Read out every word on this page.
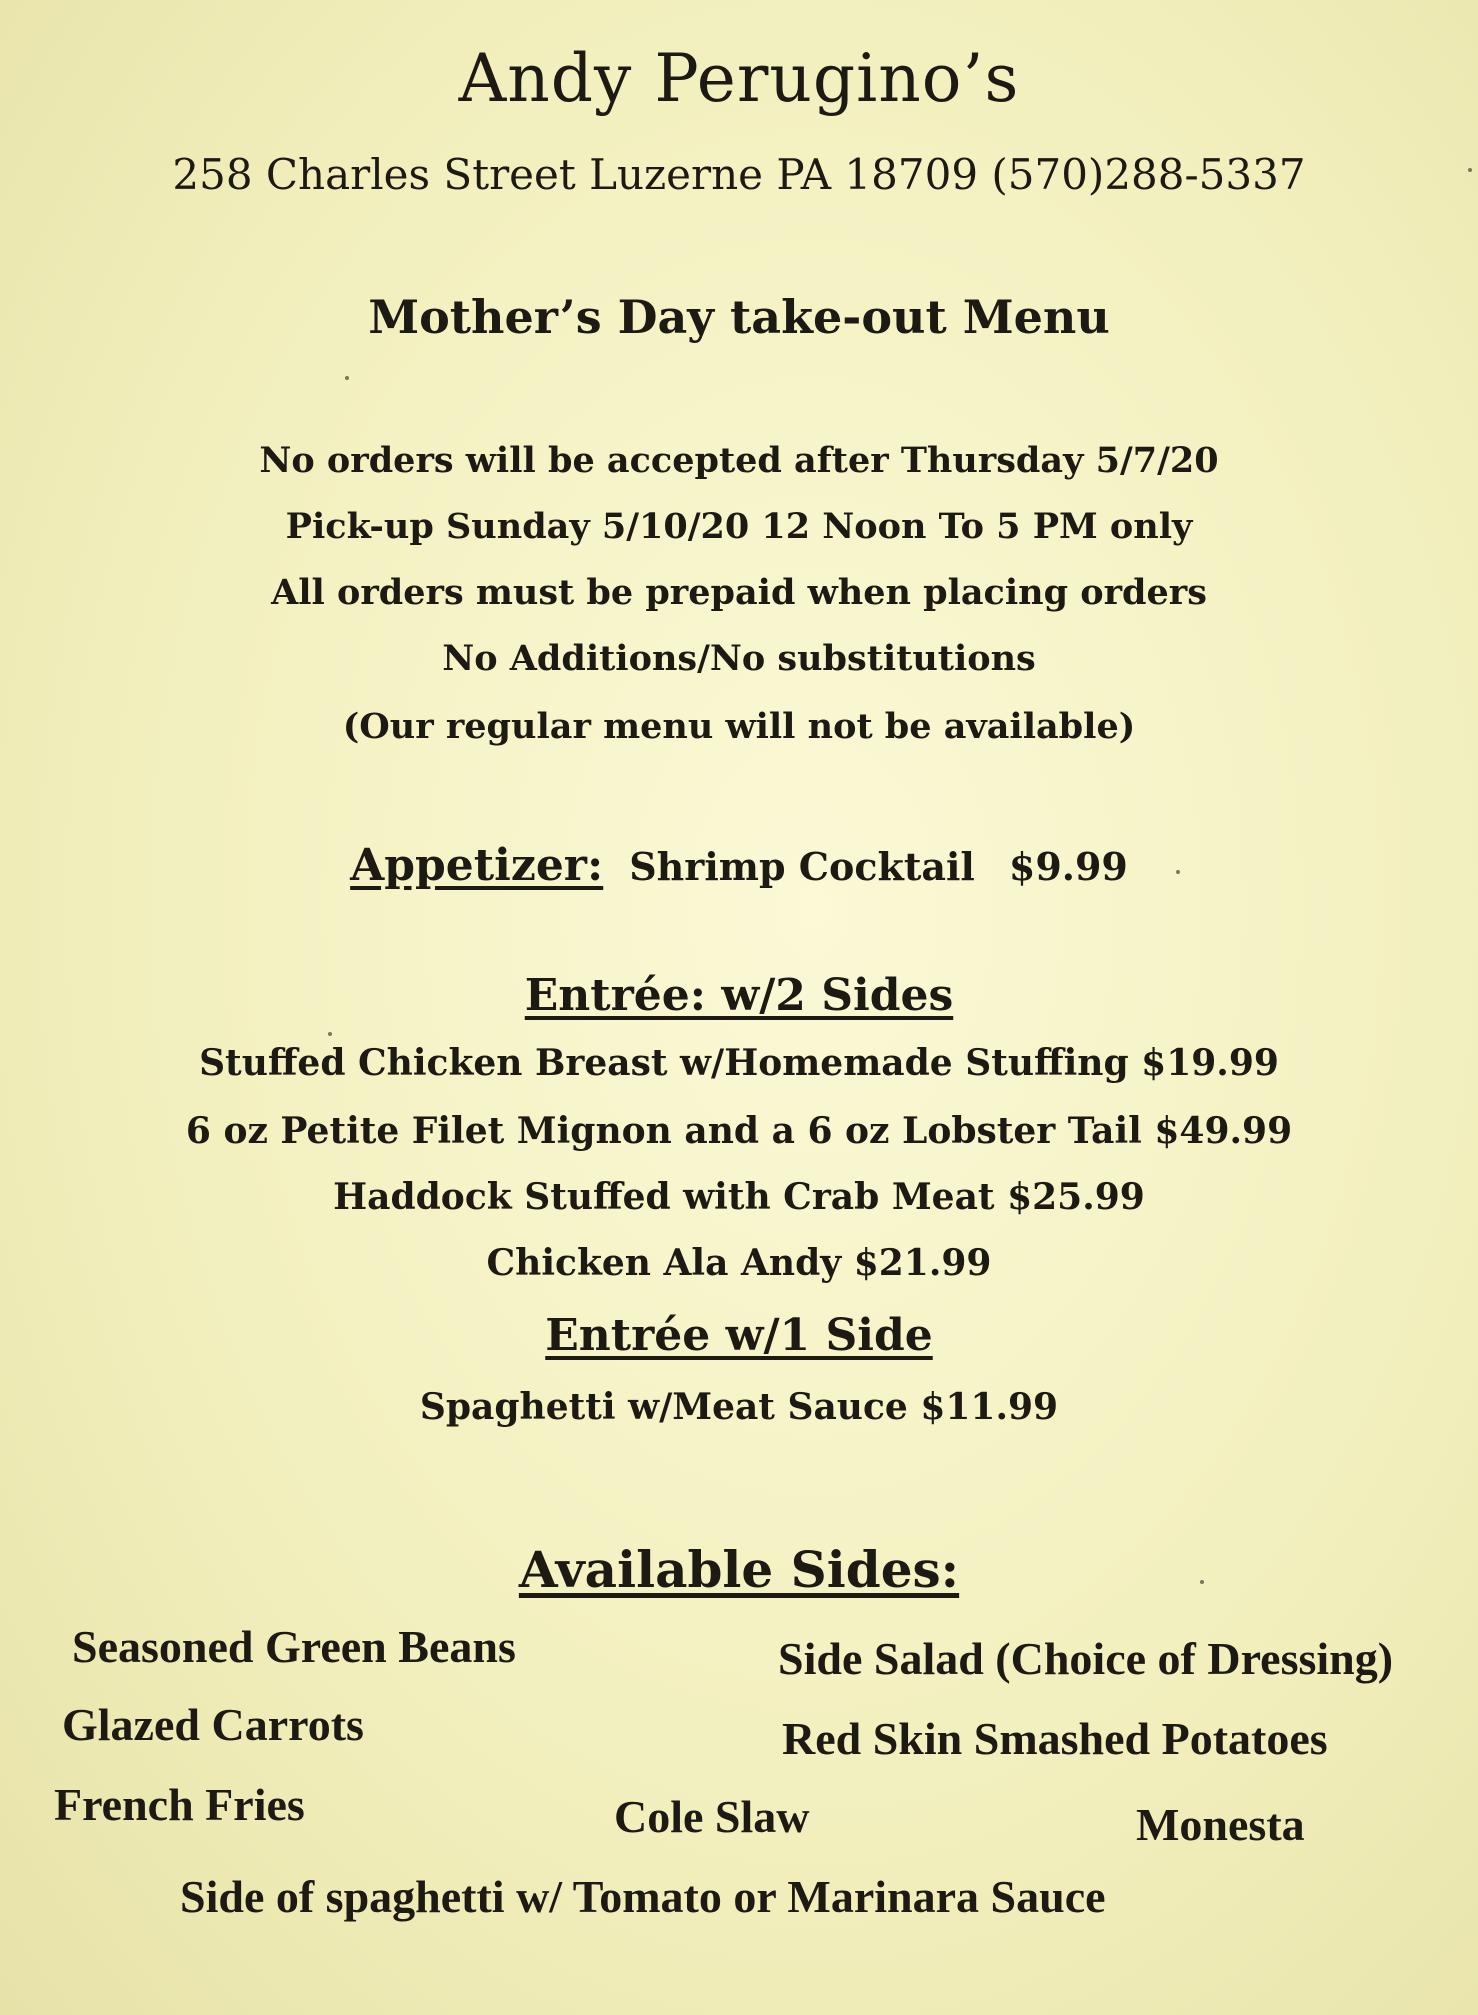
Andy Perugino’s
258 Charles Street Luzerne PA 18709 (570)288-5337
Mother’s Day take-out Menu
No orders will be accepted after Thursday 5/7/20
Pick-up Sunday 5/10/20 12 Noon To 5 PM only
All orders must be prepaid when placing orders
No Additions/No substitutions
(Our regular menu will not be available)
Appetizer: Shrimp Cocktail $9.99
Entrée: w/2 Sides
Stuffed Chicken Breast w/Homemade Stuffing $19.99
6 oz Petite Filet Mignon and a 6 oz Lobster Tail $49.99
Haddock Stuffed with Crab Meat $25.99
Chicken Ala Andy $21.99
Entrée w/1 Side
Spaghetti w/Meat Sauce $11.99
Available Sides:
Seasoned Green Beans	Side Salad (Choice of Dressing)
Glazed Carrots	Red Skin Smashed Potatoes
French Fries	Cole Slaw	Monesta
Side of spaghetti w/ Tomato or Marinara Sauce
